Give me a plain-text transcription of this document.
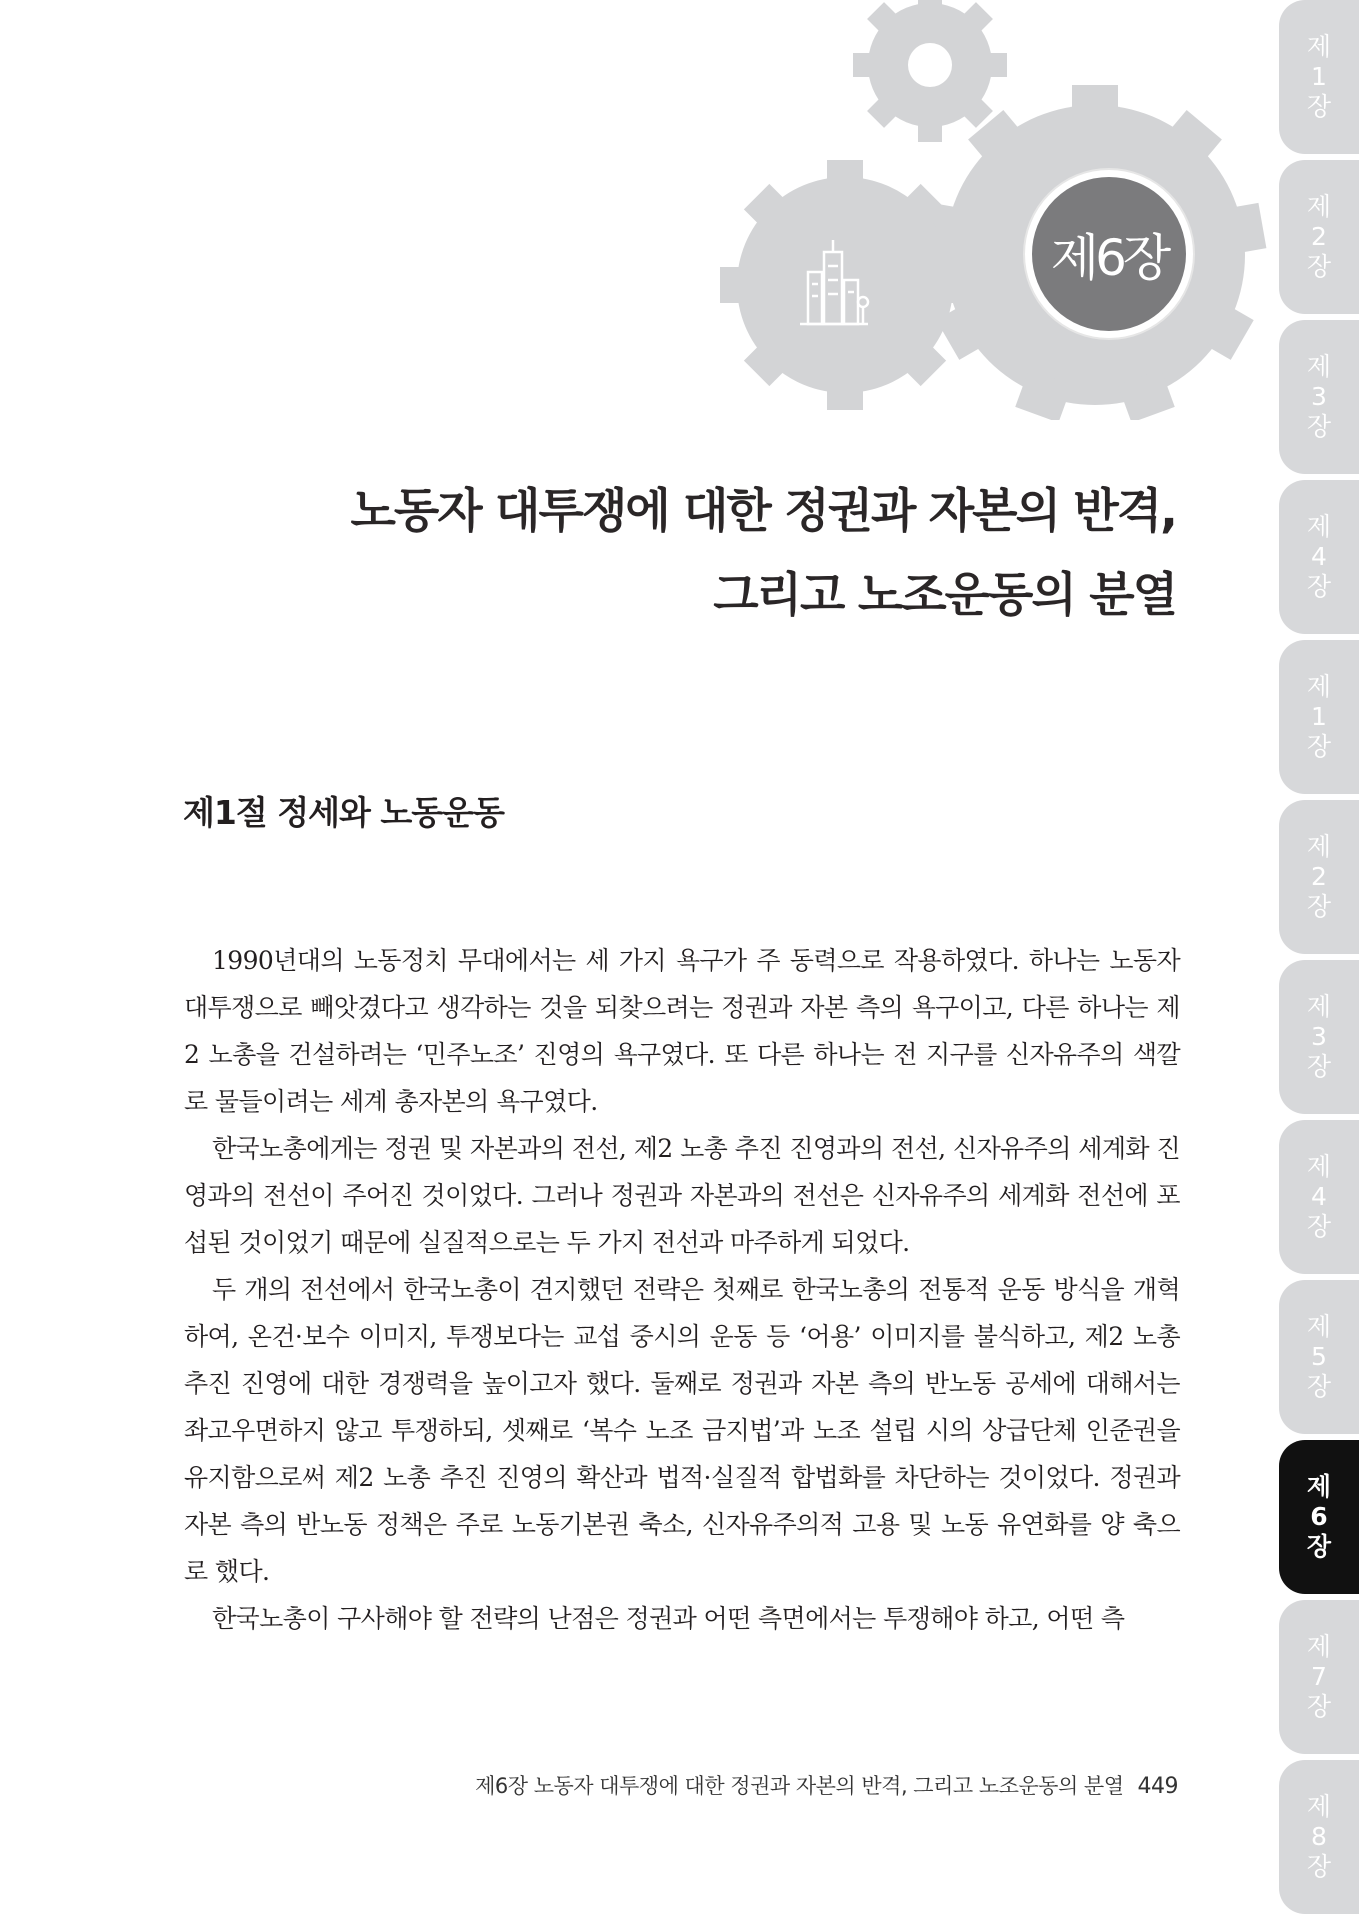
제6장
노동자 대투쟁에 대한 정권과 자본의 반격,
그리고 노조운동의 분열
제1절 정세와 노동운동

1990년대의 노동정치 무대에서는 세 가지 욕구가 주 동력으로 작용하였다. 하나는 노동자 대투쟁으로 빼앗겼다고 생각하는 것을 되찾으려는 정권과 자본 측의 욕구이고, 다른 하나는 제2 노총을 건설하려는 ‘민주노조’ 진영의 욕구였다. 또 다른 하나는 전 지구를 신자유주의 색깔로 물들이려는 세계 총자본의 욕구였다.

한국노총에게는 정권 및 자본과의 전선, 제2 노총 추진 진영과의 전선, 신자유주의 세계화 진영과의 전선이 주어진 것이었다. 그러나 정권과 자본과의 전선은 신자유주의 세계화 전선에 포섭된 것이었기 때문에 실질적으로는 두 가지 전선과 마주하게 되었다.

두 개의 전선에서 한국노총이 견지했던 전략은 첫째로 한국노총의 전통적 운동 방식을 개혁하여, 온건·보수 이미지, 투쟁보다는 교섭 중시의 운동 등 ‘어용’ 이미지를 불식하고, 제2 노총 추진 진영에 대한 경쟁력을 높이고자 했다. 둘째로 정권과 자본 측의 반노동 공세에 대해서는 좌고우면하지 않고 투쟁하되, 셋째로 ‘복수 노조 금지법’과 노조 설립 시의 상급단체 인준권을 유지함으로써 제2 노총 추진 진영의 확산과 법적·실질적 합법화를 차단하는 것이었다. 정권과 자본 측의 반노동 정책은 주로 노동기본권 축소, 신자유주의적 고용 및 노동 유연화를 양 축으로 했다.

한국노총이 구사해야 할 전략의 난점은 정권과 어떤 측면에서는 투쟁해야 하고, 어떤 측

제6장 노동자 대투쟁에 대한 정권과 자본의 반격, 그리고 노조운동의 분열 449
제
1
장
제
2
장
제
3
장
제
4
장
제
1
장
제
2
장
제
3
장
제
4
장
제
5
장
제
6
장
제
7
장
제
8
장
